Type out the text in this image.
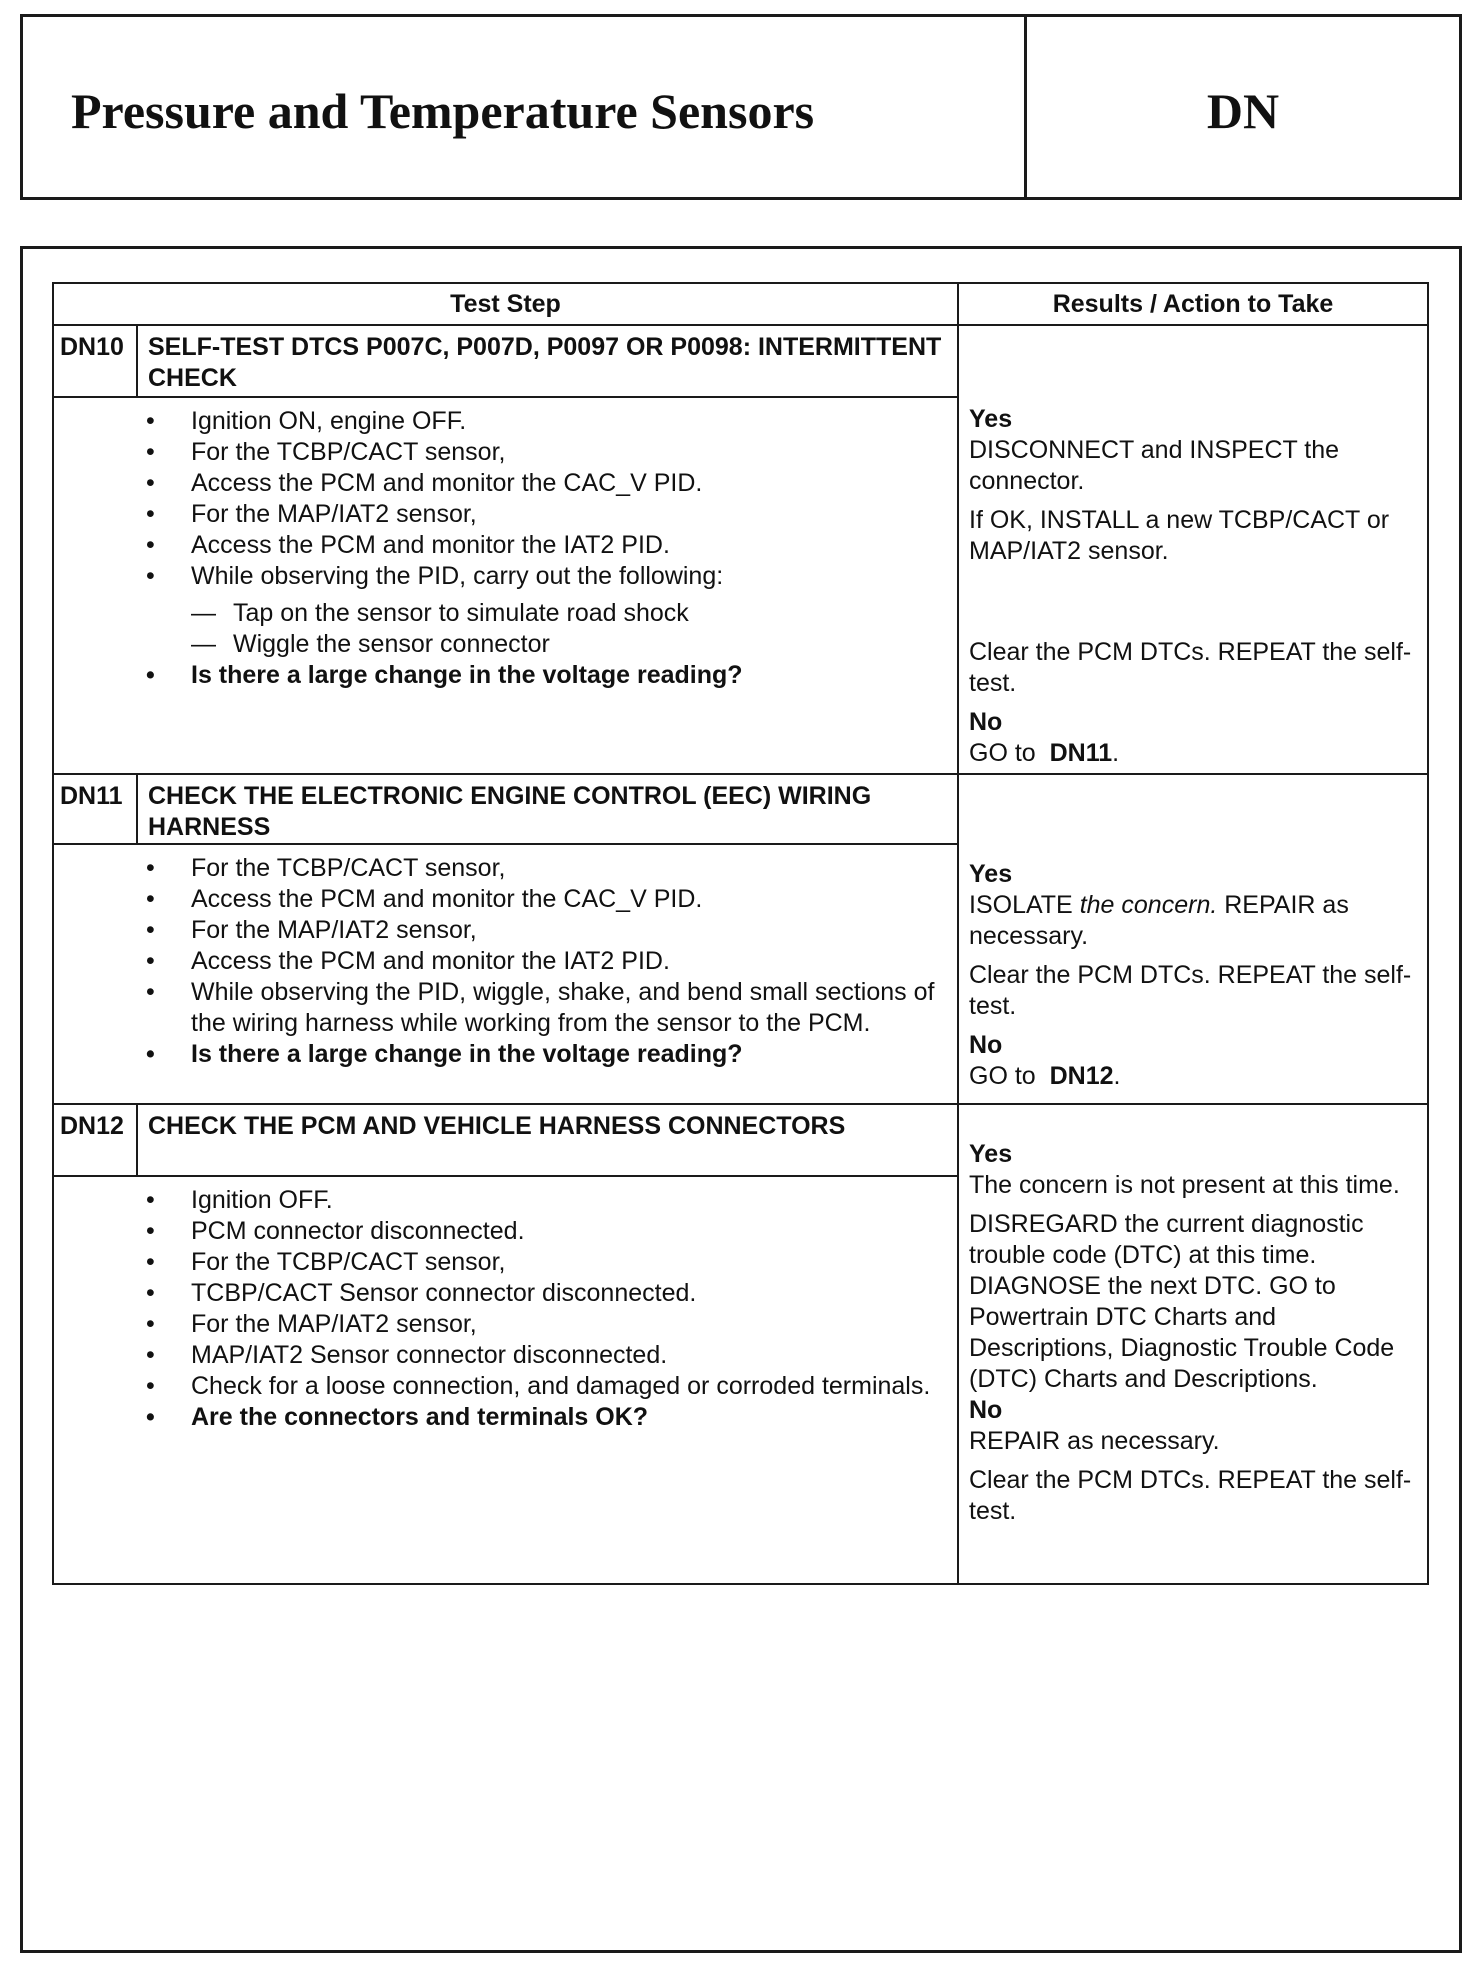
Pressure and Temperature Sensors	DN
Test Step	Results / Action to Take
DN10 SELF-TEST DTCS P007C, P007D, P0097 OR P0098: INTERMITTENT CHECK
• Ignition ON, engine OFF.
• For the TCBP/CACT sensor,
• Access the PCM and monitor the CAC_V PID.
• For the MAP/IAT2 sensor,
• Access the PCM and monitor the IAT2 PID.
• While observing the PID, carry out the following:
— Tap on the sensor to simulate road shock
— Wiggle the sensor connector
• Is there a large change in the voltage reading?

Yes

DISCONNECT and INSPECT the connector.

If OK, INSTALL a new TCBP/CACT or MAP/IAT2 sensor.

Clear the PCM DTCs. REPEAT the self-test.

No

GO to DN11.

DN11	CHECK THE ELECTRONIC ENGINE CONTROL (EEC) WIRING HARNESS
• For the TCBP/CACT sensor,
• Access the PCM and monitor the CAC_V PID.
• For the MAP/IAT2 sensor,
• Access the PCM and monitor the IAT2 PID.
• While observing the PID, wiggle, shake, and bend small sections of the wiring harness while working from the sensor to the PCM.
• Is there a large change in the voltage reading?

Yes

ISOLATE the concern. REPAIR as necessary.

Clear the PCM DTCs. REPEAT the self-test.

No

GO to DN12.

DN12 CHECK THE PCM AND VEHICLE HARNESS CONNECTORS
• Ignition OFF.
• PCM connector disconnected.
• For the TCBP/CACT sensor,
• TCBP/CACT Sensor connector disconnected.
• For the MAP/IAT2 sensor,
• MAP/IAT2 Sensor connector disconnected.
• Check for a loose connection, and damaged or corroded terminals.
• Are the connectors and terminals OK?

Yes

The concern is not present at this time.

DISREGARD the current diagnostic trouble code (DTC) at this time.

DIAGNOSE the next DTC. GO to Powertrain DTC Charts and Descriptions, Diagnostic Trouble Code (DTC) Charts and Descriptions.

No

REPAIR as necessary.

Clear the PCM DTCs. REPEAT the self-test.
